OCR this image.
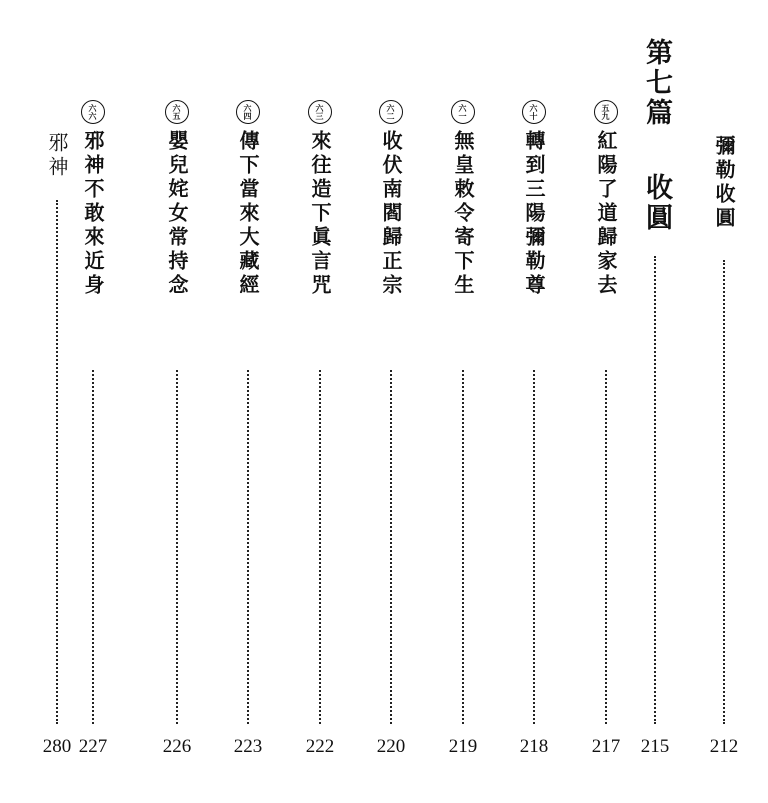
彌勒收圓
212
第七篇
收圓
215
五九紅陽了道歸家去
217
六十轉到三陽彌勒尊
218
六一無皇敕令寄下生
219
六二收伏南閻歸正宗
220
六三來往造下眞言咒
222
六四傳下當來大藏經
223
六五嬰兒姹女常持念
226
六六邪神不敢來近身
227
邪神
280
